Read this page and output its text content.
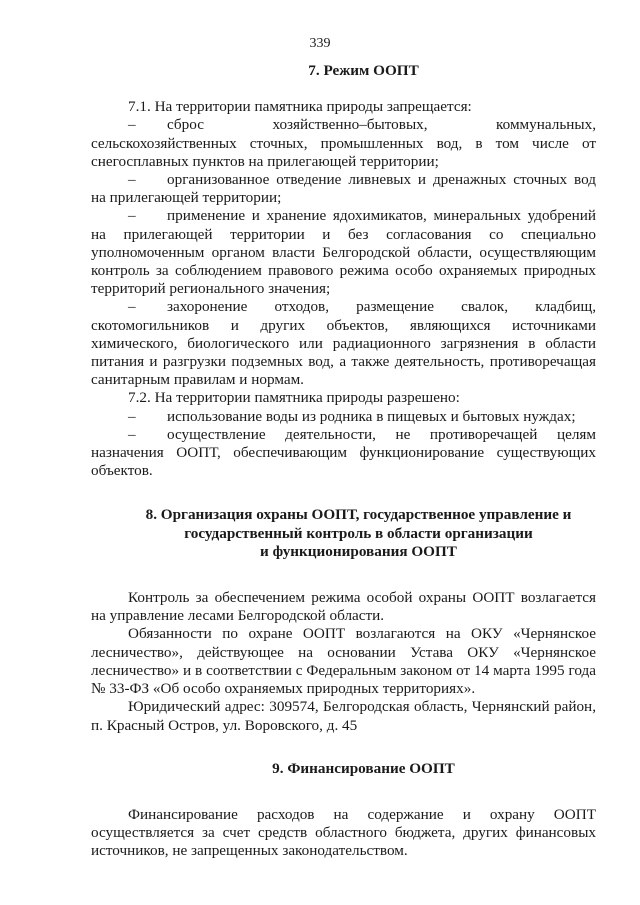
339
7. Режим ООПТ

7.1. На территории памятника природы запрещается:

– сброс хозяйственно–бытовых, коммунальных, сельскохозяйственных сточных, промышленных вод, в том числе от снегосплавных пунктов на прилегающей территории;
– организованное отведение ливневых и дренажных сточных вод на прилегающей территории;
– применение и хранение ядохимикатов, минеральных удобрений на прилегающей территории и без согласования со специально уполномоченным органом власти Белгородской области, осуществляющим контроль за соблюдением правового режима особо охраняемых природных территорий регионального значения;
– захоронение отходов, размещение свалок, кладбищ, скотомогильников и других объектов, являющихся источниками химического, биологического или радиационного загрязнения в области питания и разгрузки подземных вод, а также деятельность, противоречащая санитарным правилам и нормам.

7.2. На территории памятника природы разрешено:

– использование воды из родника в пищевых и бытовых нуждах;
– осуществление деятельности, не противоречащей целям назначения ООПТ, обеспечивающим функционирование существующих объектов.
8. Организация охраны ООПТ, государственное управление и
государственный контроль в области организации
и функционирования ООПТ

Контроль за обеспечением режима особой охраны ООПТ возлагается на управление лесами Белгородской области.

Обязанности по охране ООПТ возлагаются на ОКУ «Чернянское лесничество», действующее на основании Устава ОКУ «Чернянское лесничество» и в соответствии с Федеральным законом от 14 марта 1995 года № 33-ФЗ «Об особо охраняемых природных территориях».

Юридический адрес: 309574, Белгородская область, Чернянский район, п. Красный Остров, ул. Воровского, д. 45

9. Финансирование ООПТ

Финансирование расходов на содержание и охрану ООПТ осуществляется за счет средств областного бюджета, других финансовых источников, не запрещенных законодательством.
